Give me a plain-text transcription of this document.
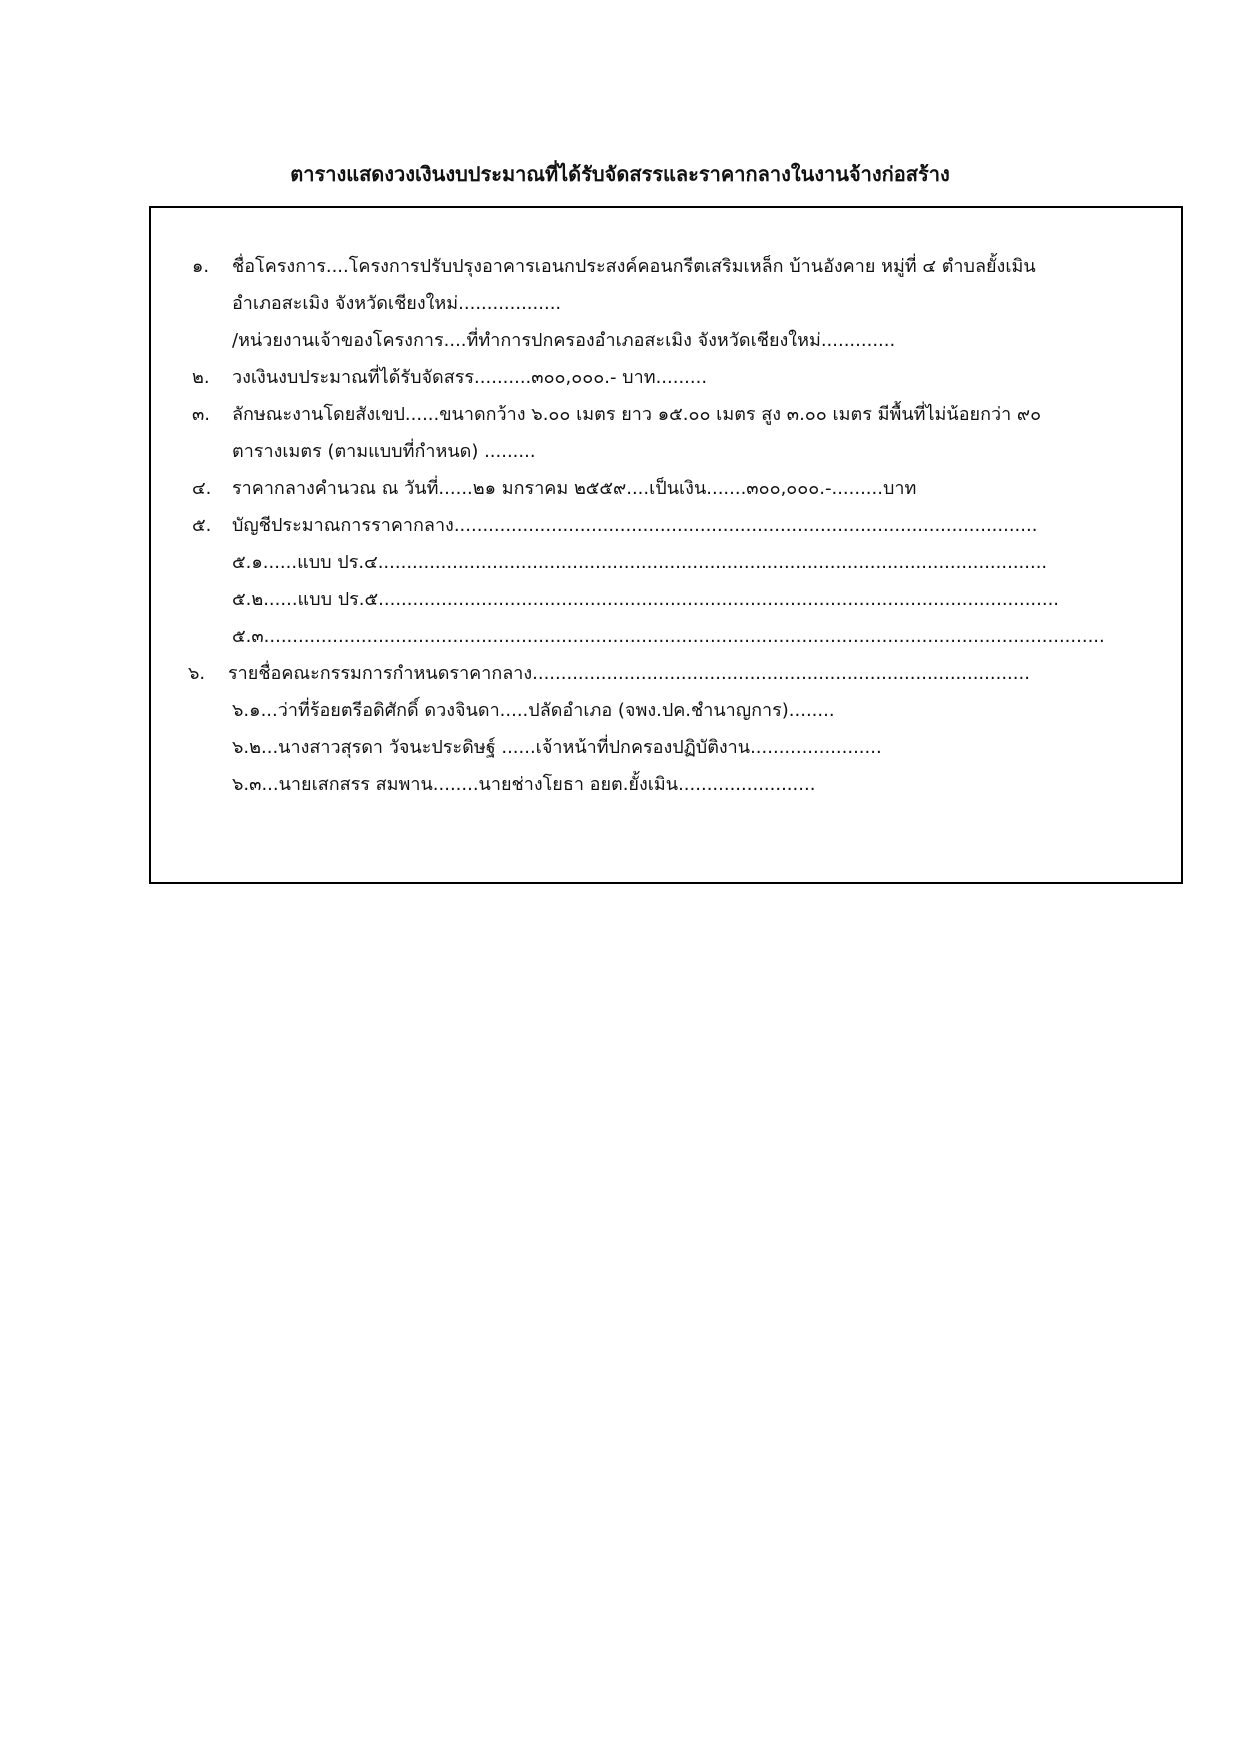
ตารางแสดงวงเงินงบประมาณที่ได้รับจัดสรรและราคากลางในงานจ้างก่อสร้าง
๑. ชื่อโครงการ....โครงการปรับปรุงอาคารเอนกประสงค์คอนกรีตเสริมเหล็ก บ้านอังคาย หมู่ที่ ๔ ตำบลยั้งเมิน
อำเภอสะเมิง จังหวัดเชียงใหม่..................
/หน่วยงานเจ้าของโครงการ....ที่ทำการปกครองอำเภอสะเมิง จังหวัดเชียงใหม่.............
๒. วงเงินงบประมาณที่ได้รับจัดสรร..........๓๐๐,๐๐๐.- บาท.........
๓. ลักษณะงานโดยสังเขป......ขนาดกว้าง ๖.๐๐ เมตร ยาว ๑๕.๐๐ เมตร สูง ๓.๐๐ เมตร มีพื้นที่ไม่น้อยกว่า ๙๐
ตารางเมตร (ตามแบบที่กำหนด) .........
๔. ราคากลางคำนวณ ณ วันที่......๒๑ มกราคม ๒๕๕๙....เป็นเงิน.......๓๐๐,๐๐๐.-.........บาท
๕. บัญชีประมาณการราคากลาง......................................................................................................
๕.๑......แบบ ปร.๔.....................................................................................................................
๕.๒......แบบ ปร.๕.......................................................................................................................
๕.๓...................................................................................................................................................
๖. รายชื่อคณะกรรมการกำหนดราคากลาง.......................................................................................
๖.๑...ว่าที่ร้อยตรีอดิศักดิ์ ดวงจินดา.....ปลัดอำเภอ (จพง.ปค.ชำนาญการ)........
๖.๒...นางสาวสุรดา วัจนะประดิษฐ์ ......เจ้าหน้าที่ปกครองปฏิบัติงาน.......................
๖.๓...นายเสกสรร สมพาน........นายช่างโยธา อยต.ยั้งเมิน........................
